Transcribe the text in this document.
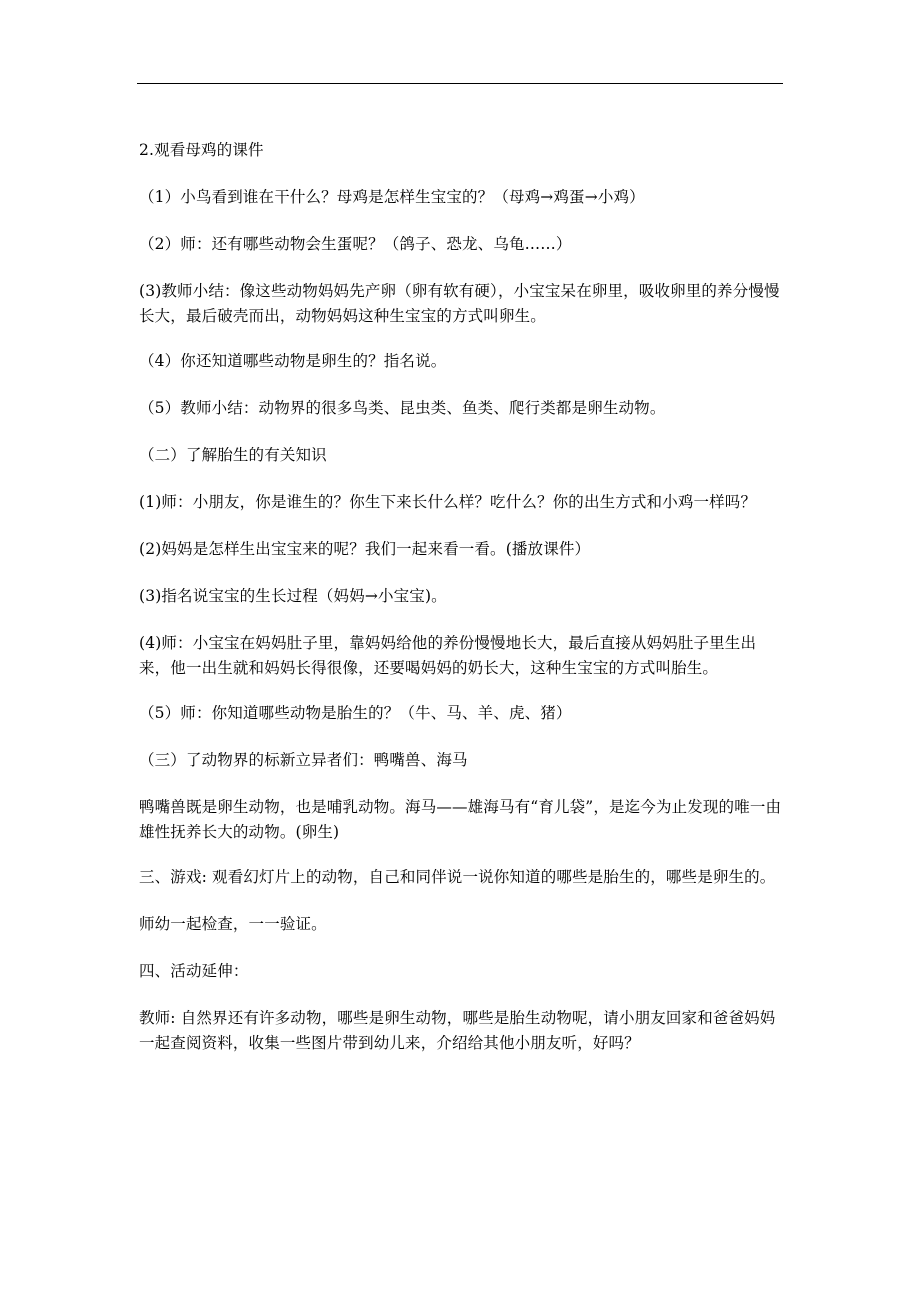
2.观看母鸡的课件

（1）小鸟看到谁在干什么？母鸡是怎样生宝宝的？（母鸡→鸡蛋→小鸡）

（2）师：还有哪些动物会生蛋呢？（鸽子、恐龙、乌龟……）

(3)教师小结：像这些动物妈妈先产卵（卵有软有硬），小宝宝呆在卵里，吸收卵里的养分慢慢长大，最后破壳而出，动物妈妈这种生宝宝的方式叫卵生。

（4）你还知道哪些动物是卵生的？指名说。

（5）教师小结：动物界的很多鸟类、昆虫类、鱼类、爬行类都是卵生动物。

（二）了解胎生的有关知识

(1)师：小朋友，你是谁生的？你生下来长什么样？吃什么？你的出生方式和小鸡一样吗？

(2)妈妈是怎样生出宝宝来的呢？我们一起来看一看。(播放课件）

(3)指名说宝宝的生长过程（妈妈→小宝宝)。

(4)师：小宝宝在妈妈肚子里，靠妈妈给他的养份慢慢地长大，最后直接从妈妈肚子里生出来，他一出生就和妈妈长得很像，还要喝妈妈的奶长大，这种生宝宝的方式叫胎生。

（5）师：你知道哪些动物是胎生的？（牛、马、羊、虎、猪）

（三）了动物界的标新立异者们：鸭嘴兽、海马

鸭嘴兽既是卵生动物，也是哺乳动物。海马——雄海马有“育儿袋”，是迄今为止发现的唯一由雄性抚养长大的动物。(卵生)

三、游戏: 观看幻灯片上的动物，自己和同伴说一说你知道的哪些是胎生的，哪些是卵生的。

师幼一起检查，一一验证。

四、活动延伸：

教师: 自然界还有许多动物，哪些是卵生动物，哪些是胎生动物呢，请小朋友回家和爸爸妈妈一起查阅资料，收集一些图片带到幼儿来，介绍给其他小朋友听，好吗？
